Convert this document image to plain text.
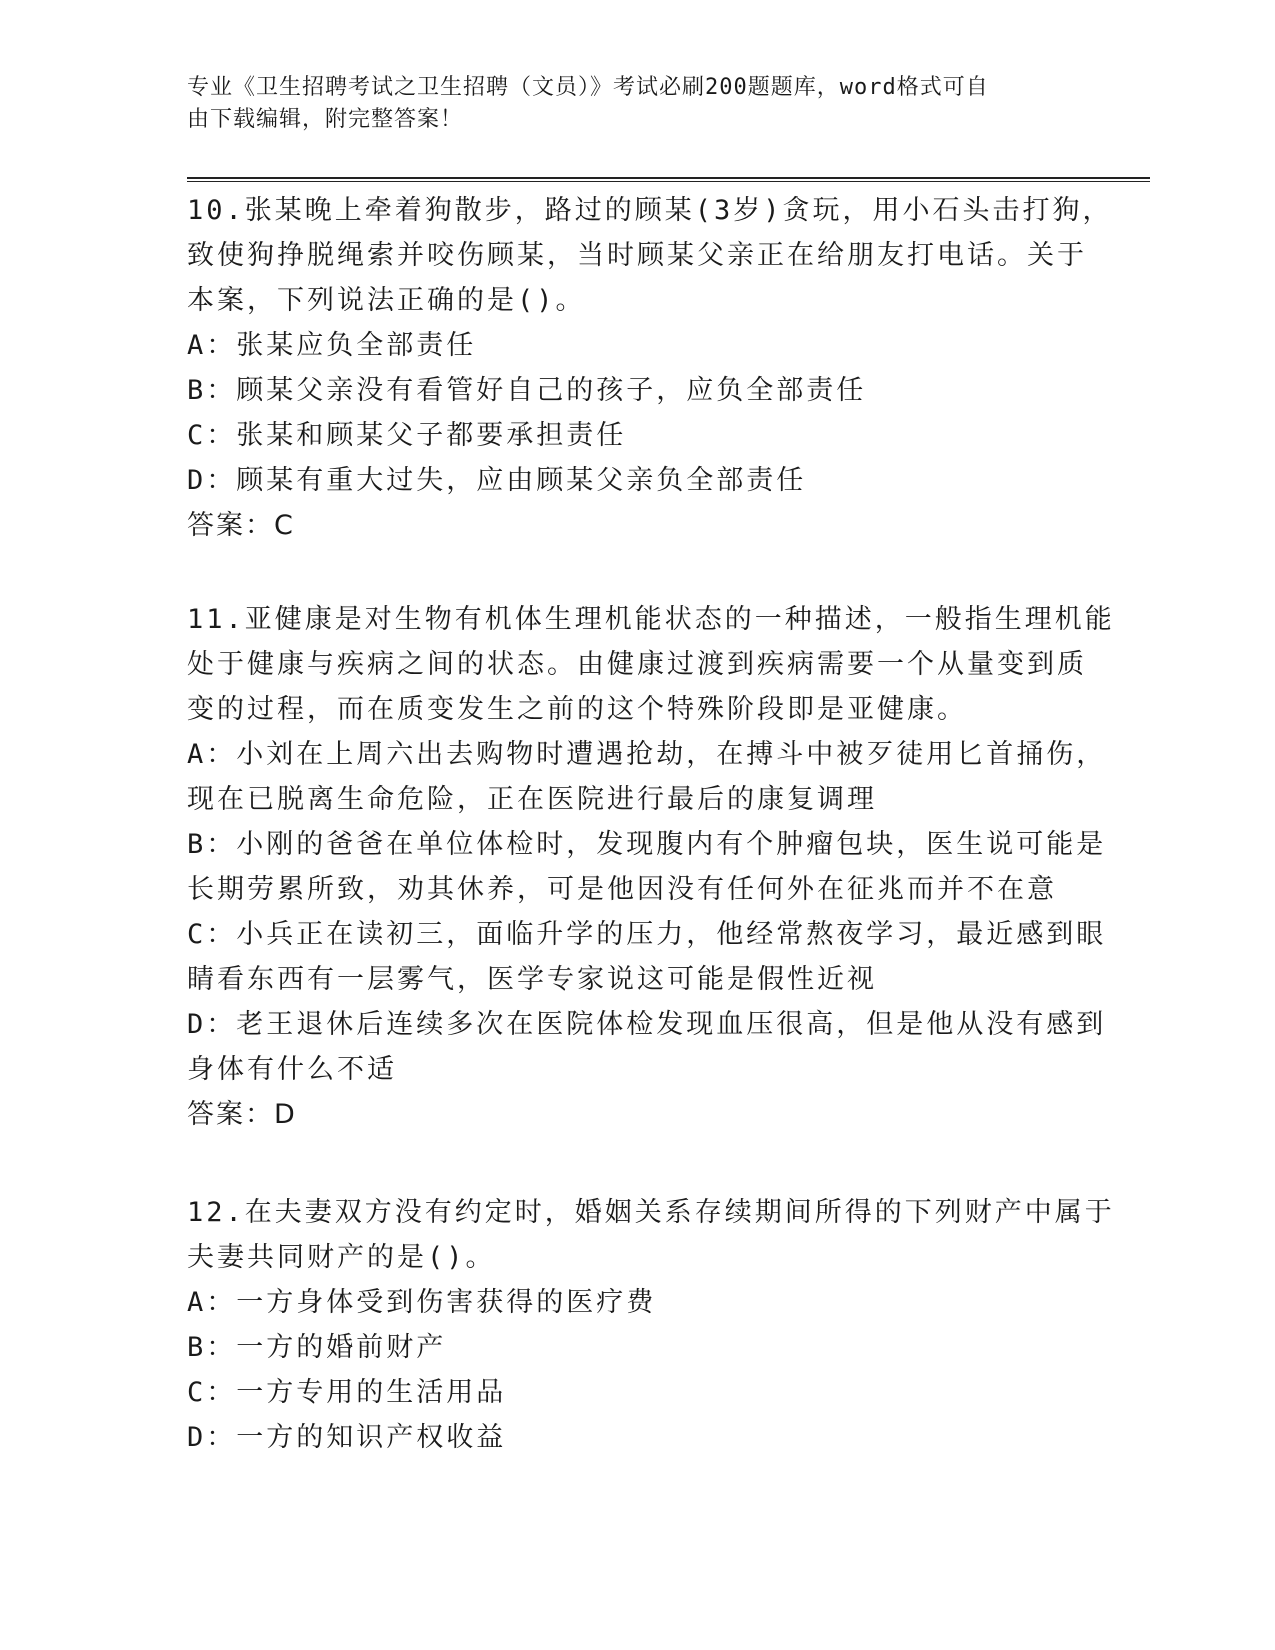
专业《卫生招聘考试之卫生招聘（文员）》考试必刷200题题库，word格式可自
由下载编辑，附完整答案！

10.张某晚上牵着狗散步，路过的顾某(3岁)贪玩，用小石头击打狗，

致使狗挣脱绳索并咬伤顾某，当时顾某父亲正在给朋友打电话。关于

本案，下列说法正确的是()。

A：张某应负全部责任

B：顾某父亲没有看管好自己的孩子，应负全部责任

C：张某和顾某父子都要承担责任

D：顾某有重大过失，应由顾某父亲负全部责任

答案：C

11.亚健康是对生物有机体生理机能状态的一种描述，一般指生理机能

处于健康与疾病之间的状态。由健康过渡到疾病需要一个从量变到质

变的过程，而在质变发生之前的这个特殊阶段即是亚健康。

A：小刘在上周六出去购物时遭遇抢劫，在搏斗中被歹徒用匕首捅伤，

现在已脱离生命危险，正在医院进行最后的康复调理

B：小刚的爸爸在单位体检时，发现腹内有个肿瘤包块，医生说可能是

长期劳累所致，劝其休养，可是他因没有任何外在征兆而并不在意

C：小兵正在读初三，面临升学的压力，他经常熬夜学习，最近感到眼

睛看东西有一层雾气，医学专家说这可能是假性近视

D：老王退休后连续多次在医院体检发现血压很高，但是他从没有感到

身体有什么不适

答案：D

12.在夫妻双方没有约定时，婚姻关系存续期间所得的下列财产中属于

夫妻共同财产的是()。

A：一方身体受到伤害获得的医疗费

B：一方的婚前财产

C：一方专用的生活用品

D：一方的知识产权收益
